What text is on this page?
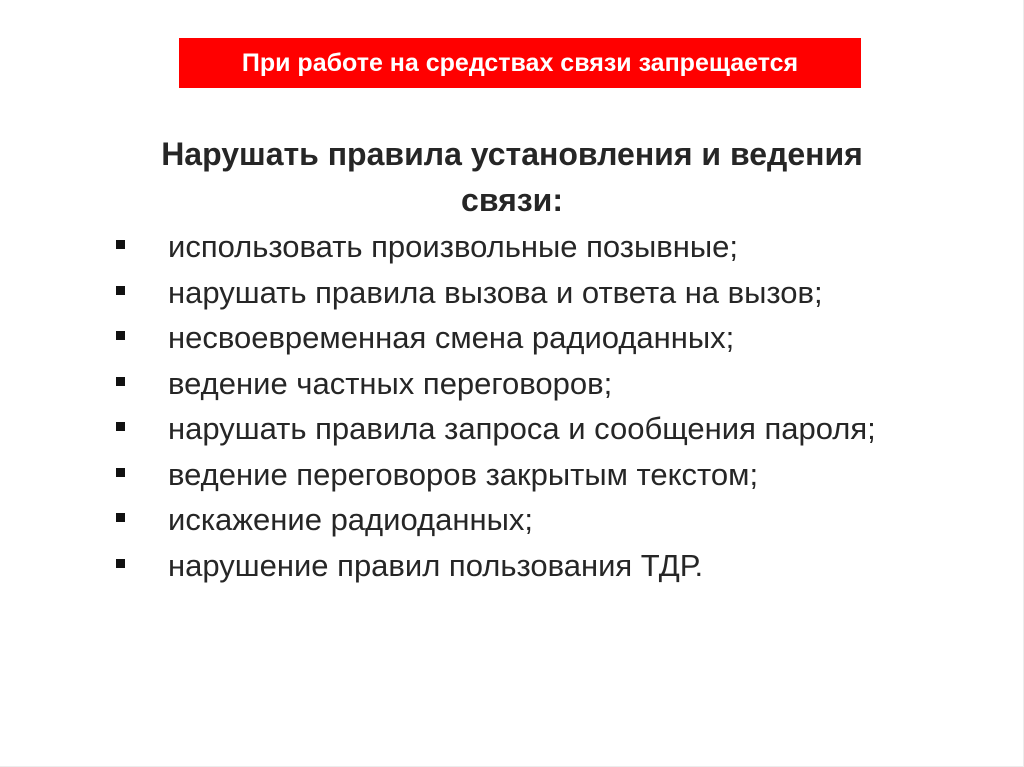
При работе на средствах связи запрещается
Нарушать правила установления и ведения связи:
использовать произвольные позывные;
нарушать правила вызова и ответа на вызов;
несвоевременная смена радиоданных;
ведение частных переговоров;
нарушать правила запроса и сообщения пароля;
ведение переговоров закрытым текстом;
искажение радиоданных;
нарушение правил пользования ТДР.
